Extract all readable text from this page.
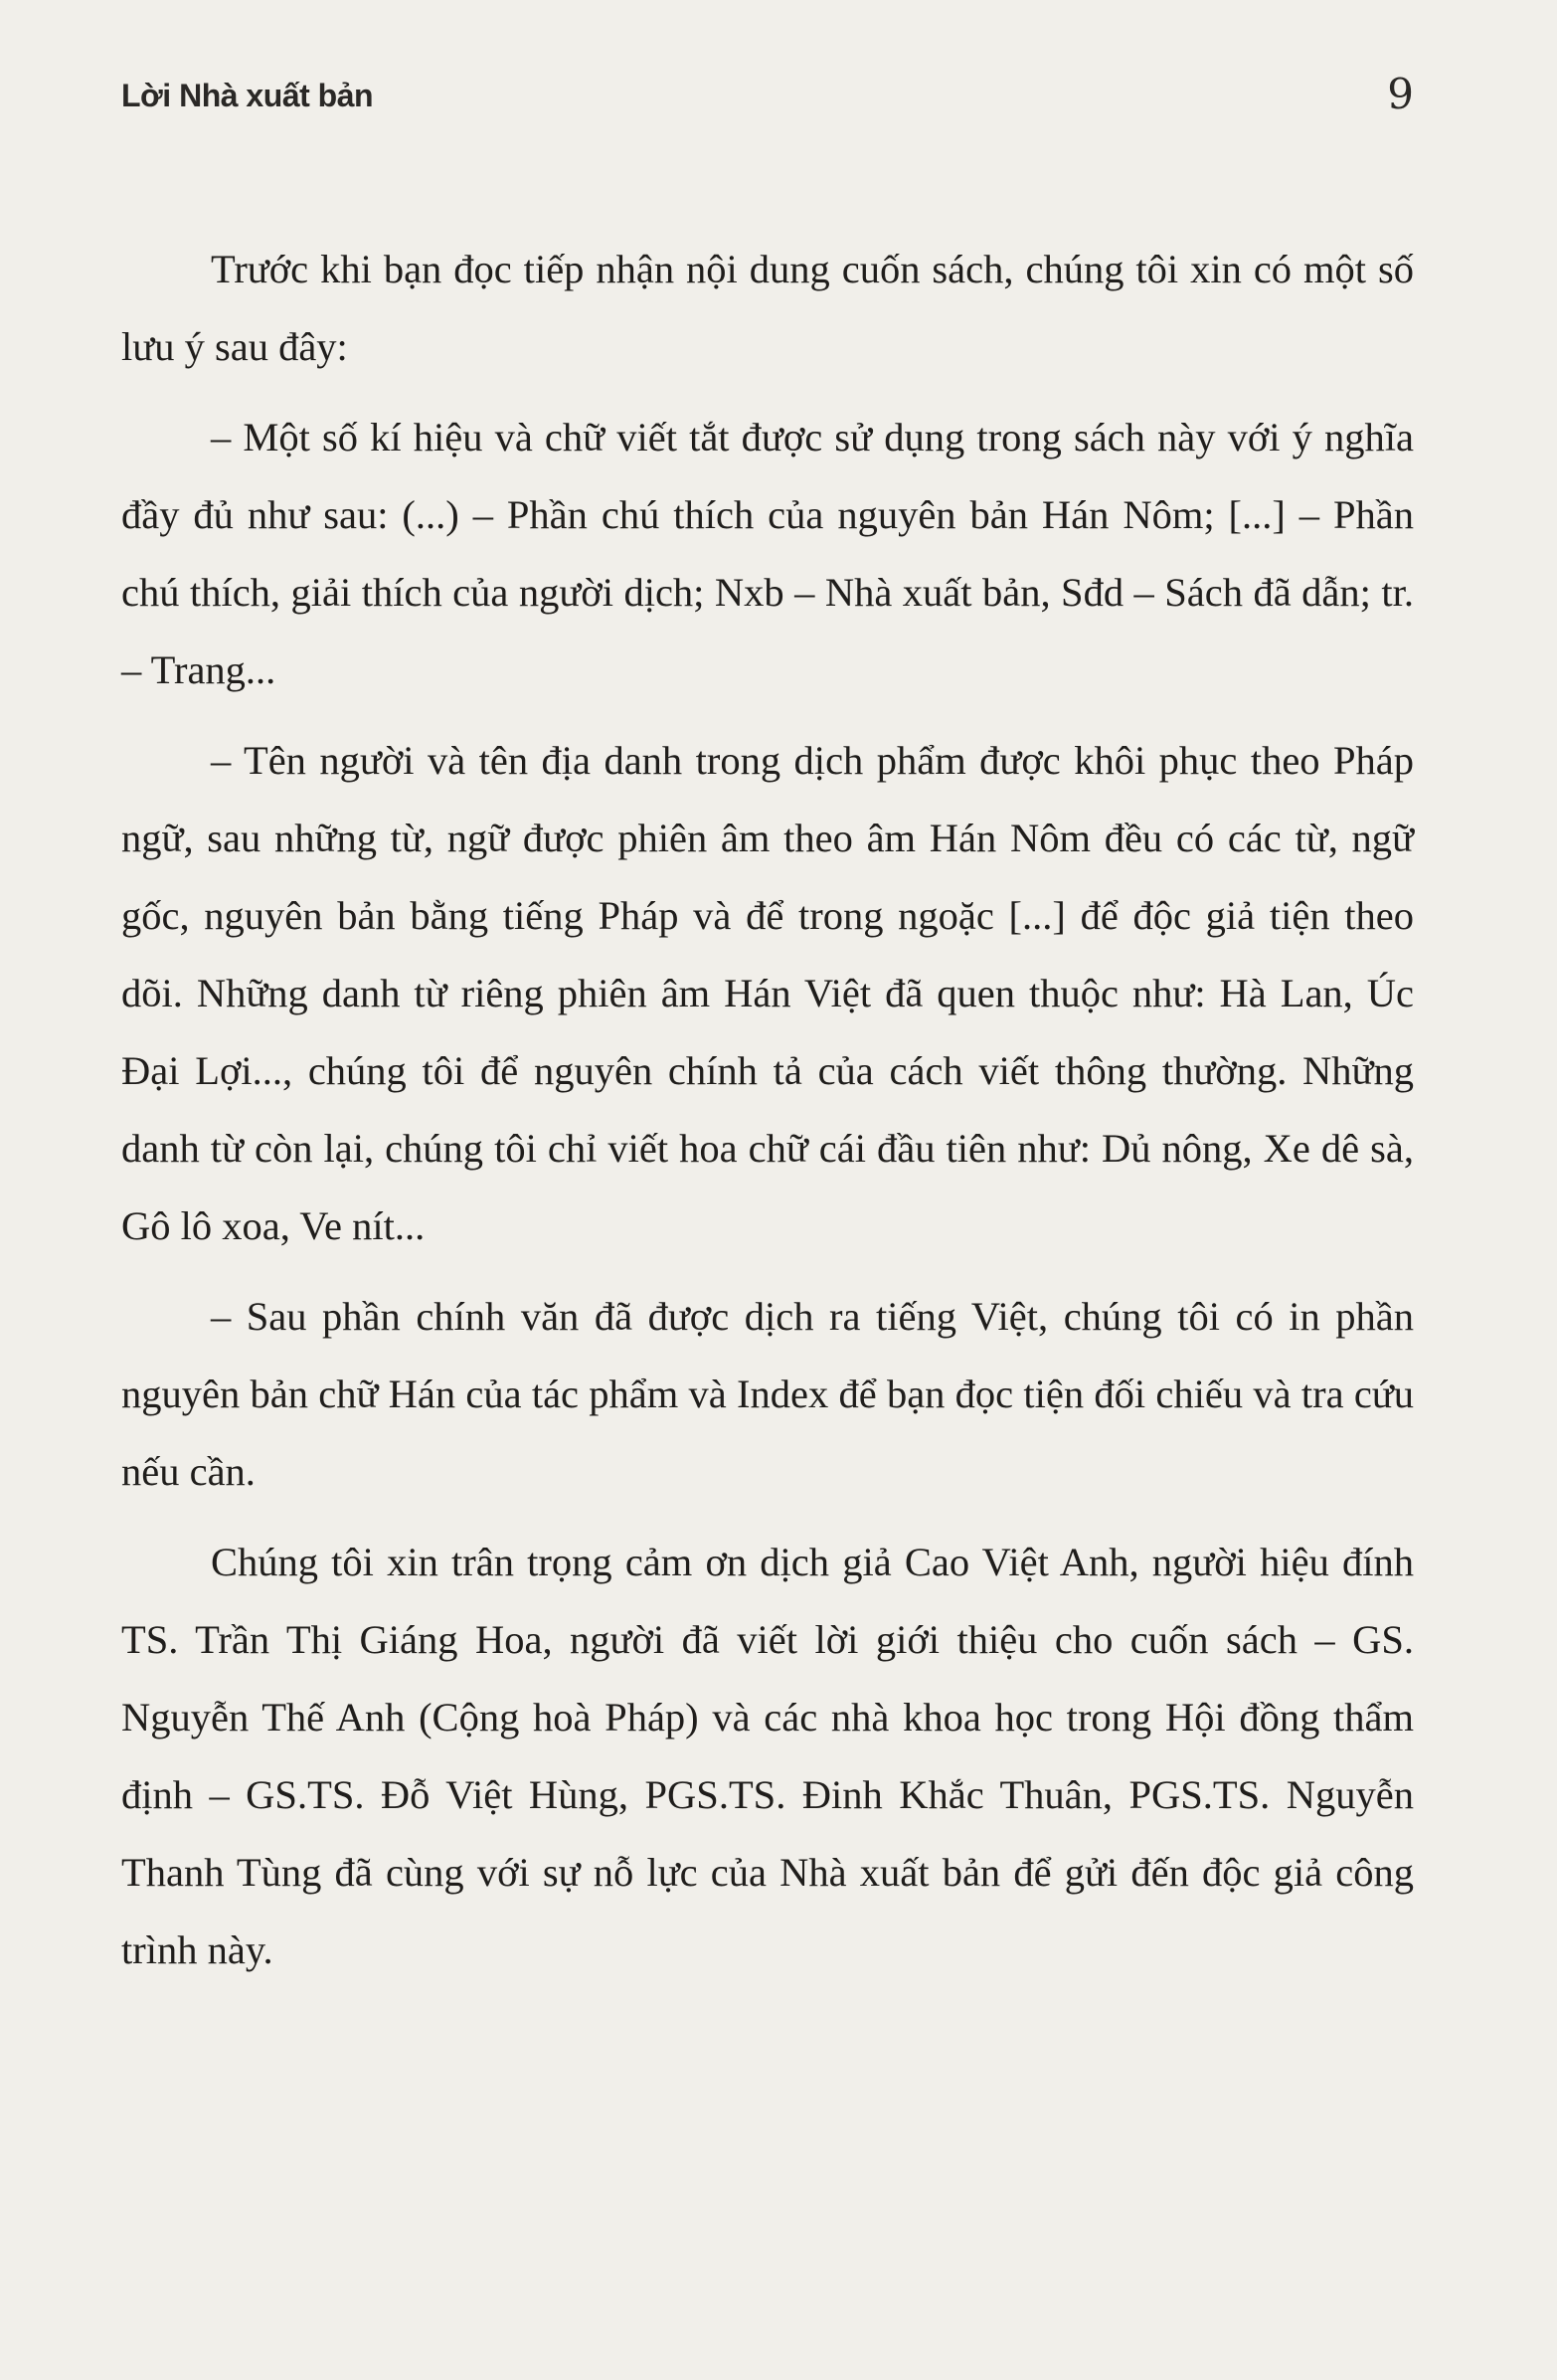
Lời Nhà xuất bản	9

Trước khi bạn đọc tiếp nhận nội dung cuốn sách, chúng tôi xin có một số lưu ý sau đây:

– Một số kí hiệu và chữ viết tắt được sử dụng trong sách này với ý nghĩa đầy đủ như sau: (...) – Phần chú thích của nguyên bản Hán Nôm; [...] – Phần chú thích, giải thích của người dịch; Nxb – Nhà xuất bản, Sđd – Sách đã dẫn; tr. – Trang...

– Tên người và tên địa danh trong dịch phẩm được khôi phục theo Pháp ngữ, sau những từ, ngữ được phiên âm theo âm Hán Nôm đều có các từ, ngữ gốc, nguyên bản bằng tiếng Pháp và để trong ngoặc [...] để độc giả tiện theo dõi. Những danh từ riêng phiên âm Hán Việt đã quen thuộc như: Hà Lan, Úc Đại Lợi..., chúng tôi để nguyên chính tả của cách viết thông thường. Những danh từ còn lại, chúng tôi chỉ viết hoa chữ cái đầu tiên như: Dủ nông, Xe dê sà, Gô lô xoa, Ve nít...

– Sau phần chính văn đã được dịch ra tiếng Việt, chúng tôi có in phần nguyên bản chữ Hán của tác phẩm và Index để bạn đọc tiện đối chiếu và tra cứu nếu cần.

Chúng tôi xin trân trọng cảm ơn dịch giả Cao Việt Anh, người hiệu đính TS. Trần Thị Giáng Hoa, người đã viết lời giới thiệu cho cuốn sách – GS. Nguyễn Thế Anh (Cộng hoà Pháp) và các nhà khoa học trong Hội đồng thẩm định – GS.TS. Đỗ Việt Hùng, PGS.TS. Đinh Khắc Thuân, PGS.TS. Nguyễn Thanh Tùng đã cùng với sự nỗ lực của Nhà xuất bản để gửi đến độc giả công trình này.
